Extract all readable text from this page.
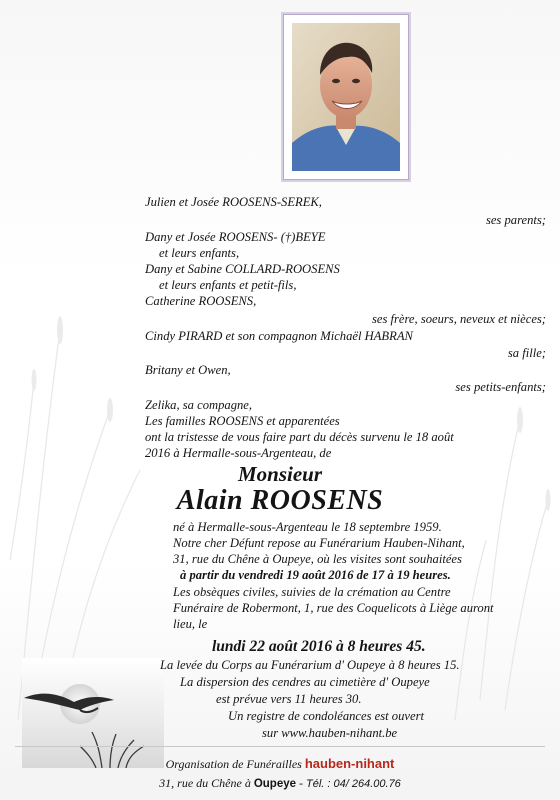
Julien et Josée ROOSENS-SEREK,
ses parents;
Dany et Josée ROOSENS- (†)BEYE
et leurs enfants,
Dany et Sabine COLLARD-ROOSENS
et leurs enfants et petit-fils,
Catherine ROOSENS,
ses frère, soeurs, neveux et nièces;
Cindy PIRARD et son compagnon Michaël HABRAN
sa fille;
Britany et Owen,
ses petits-enfants;
Zelika, sa compagne,
Les familles ROOSENS et apparentées
ont la tristesse de vous faire part du décès survenu le 18 août
2016 à Hermalle-sous-Argenteau, de
Monsieur
Alain ROOSENS
né à Hermalle-sous-Argenteau le 18 septembre 1959.
Notre cher Défunt repose au Funérarium Hauben-Nihant,
31, rue du Chêne à Oupeye, où les visites sont souhaitées
à partir du vendredi 19 août 2016 de 17 à 19 heures.
Les obsèques civiles, suivies de la crémation au Centre
Funéraire de Robermont, 1, rue des Coquelicots à Liège auront
lieu, le
lundi 22 août 2016 à 8 heures 45.
La levée du Corps au Funérarium d' Oupeye à 8 heures 15.
La dispersion des cendres au cimetière d' Oupeye
est prévue vers 11 heures 30.
Un registre de condoléances est ouvert
sur www.hauben-nihant.be
Organisation de Funérailles hauben-nihant
31, rue du Chêne à Oupeye - Tél. : 04/ 264.00.76
